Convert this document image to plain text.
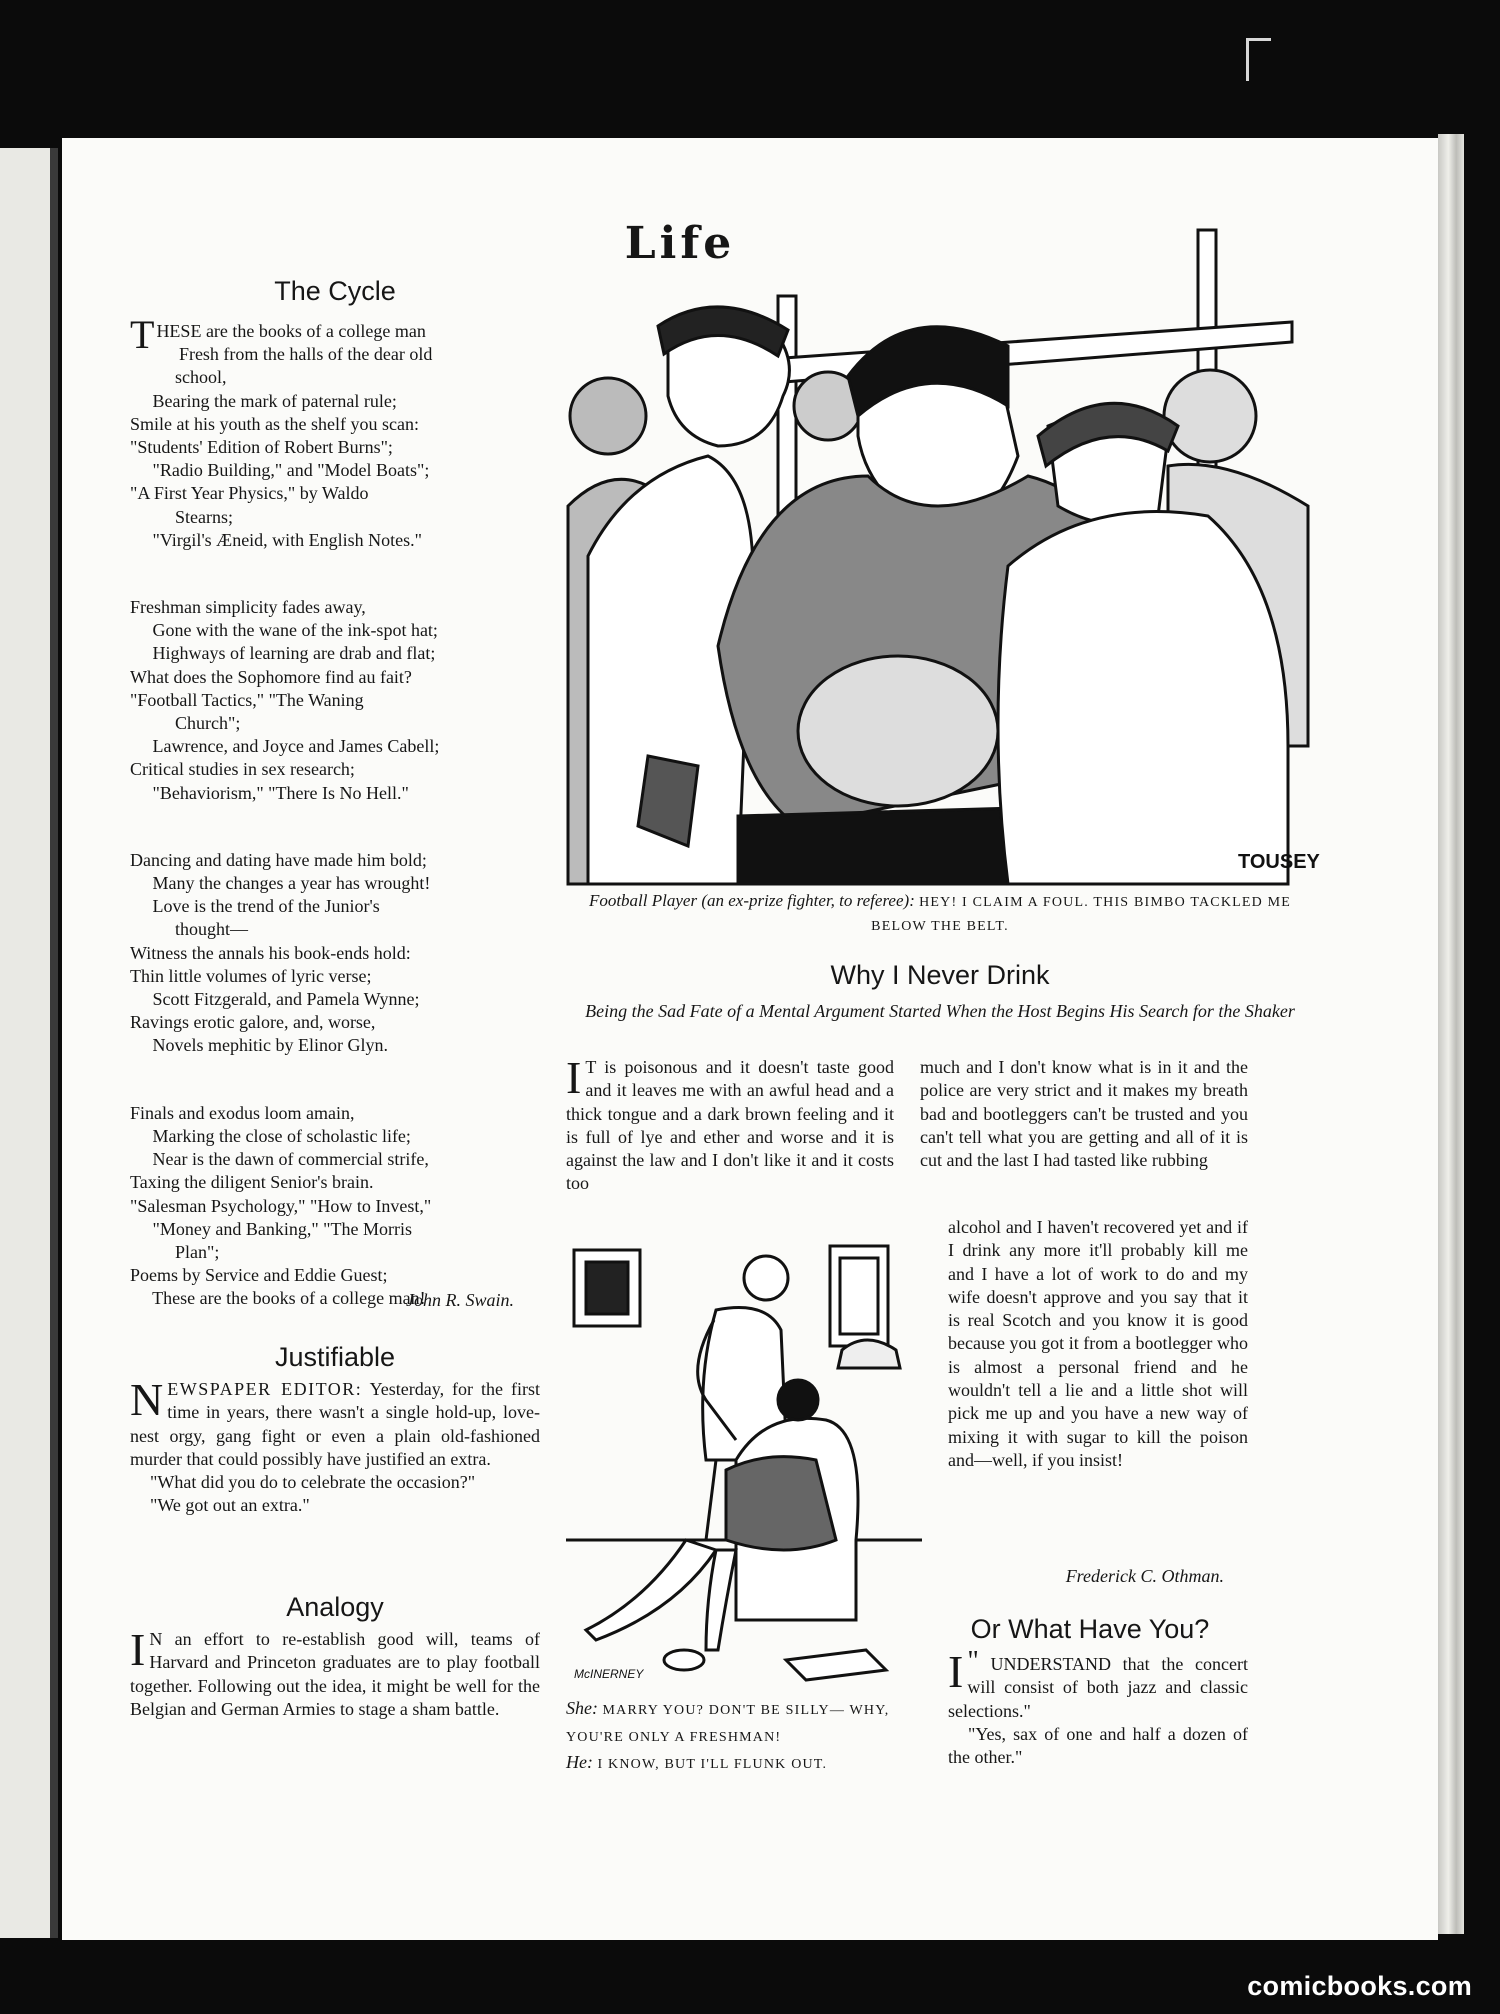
Life
The Cycle
THESE are the books of a college man
Fresh from the halls of the dear old
school,
Bearing the mark of paternal rule;
Smile at his youth as the shelf you scan:
"Students' Edition of Robert Burns";
"Radio Building," and "Model Boats";
"A First Year Physics," by Waldo
Stearns;
"Virgil's Æneid, with English Notes."
Freshman simplicity fades away,
Gone with the wane of the ink-spot hat;
Highways of learning are drab and flat;
What does the Sophomore find au fait?
"Football Tactics," "The Waning
Church";
Lawrence, and Joyce and James Cabell;
Critical studies in sex research;
"Behaviorism," "There Is No Hell."
Dancing and dating have made him bold;
Many the changes a year has wrought!
Love is the trend of the Junior's
thought—
Witness the annals his book-ends hold:
Thin little volumes of lyric verse;
Scott Fitzgerald, and Pamela Wynne;
Ravings erotic galore, and, worse,
Novels mephitic by Elinor Glyn.
Finals and exodus loom amain,
Marking the close of scholastic life;
Near is the dawn of commercial strife,
Taxing the diligent Senior's brain.
"Salesman Psychology," "How to Invest,"
"Money and Banking," "The Morris
Plan";
Poems by Service and Eddie Guest;
These are the books of a college man!
John R. Swain.
Justifiable

NEWSPAPER EDITOR: Yesterday, for the first time in years, there wasn't a single hold-up, love-nest orgy, gang fight or even a plain old-fashioned murder that could possibly have justified an extra.

"What did you do to celebrate the occasion?"

"We got out an extra."

Analogy
I N an effort to re-establish good will, teams of Harvard and Princeton graduates are to play football together. Following out the idea, it might be well for the Belgian and German Armies to stage a sham battle.
TOUSEY
Football Player (an ex-prize fighter, to referee): HEY! I CLAIM A FOUL. THIS BIMBO TACKLED ME BELOW THE BELT.
Why I Never Drink
Being the Sad Fate of a Mental Argument Started When the Host Begins His Search for the Shaker
I T is poisonous and it doesn't taste good and it leaves me with an awful head and a thick tongue and a dark brown feeling and it is full of lye and ether and worse and it is against the law and I don't like it and it costs too
much and I don't know what is in it and the police are very strict and it makes my breath bad and bootleggers can't be trusted and you can't tell what you are getting and all of it is cut and the last I had tasted like rubbing
alcohol and I haven't recovered yet and if I drink any more it'll probably kill me and I have a lot of work to do and my wife doesn't approve and you say that it is real Scotch and you know it is good because you got it from a bootlegger who is almost a personal friend and he wouldn't tell a lie and a little shot will pick me up and you have a new way of mixing it with sugar to kill the poison and—well, if you insist!
Frederick C. Othman.
McINERNEY
She: MARRY YOU? DON'T BE SILLY— WHY, YOU'RE ONLY A FRESHMAN!
He: I KNOW, BUT I'LL FLUNK OUT.
Or What Have You?

"
I UNDERSTAND that the concert will consist of both jazz and classic selections."

"Yes, sax of one and half a dozen of the other."

comicbooks.com
